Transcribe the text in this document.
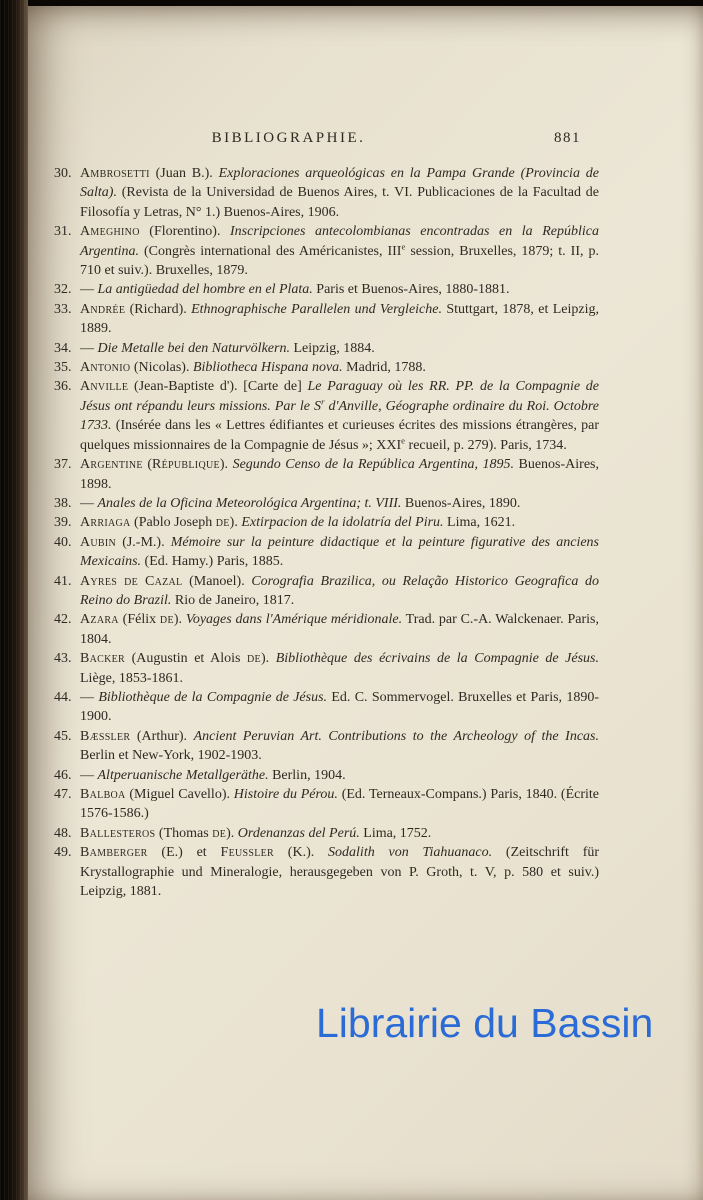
BIBLIOGRAPHIE.	881
30. Ambrosetti (Juan B.). Exploraciones arqueológicas en la Pampa Grande (Provincia de Salta). (Revista de la Universidad de Buenos Aires, t. VI. Publicaciones de la Facultad de Filosofía y Letras, N° 1.) Buenos-Aires, 1906.
31. Ameghino (Florentino). Inscripciones antecolombianas encontradas en la República Argentina. (Congrès international des Américanistes, IIIe session, Bruxelles, 1879; t. II, p. 710 et suiv.). Bruxelles, 1879.
32. — La antigüedad del hombre en el Plata. Paris et Buenos-Aires, 1880-1881.
33. Andrée (Richard). Ethnographische Parallelen und Vergleiche. Stuttgart, 1878, et Leipzig, 1889.
34. — Die Metalle bei den Naturvölkern. Leipzig, 1884.
35. Antonio (Nicolas). Bibliotheca Hispana nova. Madrid, 1788.
36. Anville (Jean-Baptiste d'). [Carte de] Le Paraguay où les RR. PP. de la Compagnie de Jésus ont répandu leurs missions. Par le $S^r$ d'Anville, Géographe ordinaire du Roi. Octobre 1733. (Insérée dans les « Lettres édifiantes et curieuses écrites des missions étrangères, par quelques missionnaires de la Compagnie de Jésus »; XXIe recueil, p. 279). Paris, 1734.
37. Argentine (République). Segundo Censo de la República Argentina, 1895. Buenos-Aires, 1898.
38. — Anales de la Oficina Meteorológica Argentina; t. VIII. Buenos-Aires, 1890.
39. Arriaga (Pablo Joseph de). Extirpacion de la idolatría del Piru. Lima, 1621.
40. Aubin (J.-M.). Mémoire sur la peinture didactique et la peinture figurative des anciens Mexicains. (Ed. Hamy.) Paris, 1885.
41. Ayres de Cazal (Manoel). Corografia Brazilica, ou Relação Historico Geografica do Reino do Brazil. Rio de Janeiro, 1817.
42. Azara (Félix de). Voyages dans l'Amérique méridionale. Trad. par C.-A. Walckenaer. Paris, 1804.
43. Backer (Augustin et Alois de). Bibliothèque des écrivains de la Compagnie de Jésus. Liège, 1853-1861.
44. — Bibliothèque de la Compagnie de Jésus. Ed. C. Sommervogel. Bruxelles et Paris, 1890-1900.
45. Bæssler (Arthur). Ancient Peruvian Art. Contributions to the Archeology of the Incas. Berlin et New-York, 1902-1903.
46. — Altperuanische Metallgeräthe. Berlin, 1904.
47. Balboa (Miguel Cavello). Histoire du Pérou. (Ed. Terneaux-Compans.) Paris, 1840. (Écrite 1576-1586.)
48. Ballesteros (Thomas de). Ordenanzas del Perú. Lima, 1752.
49. Bamberger (E.) et Feussler (K.). Sodalith von Tiahuanaco. (Zeitschrift für Krystallographie und Mineralogie, herausgegeben von P. Groth, t. V, p. 580 et suiv.) Leipzig, 1881.
Librairie du Bassin
